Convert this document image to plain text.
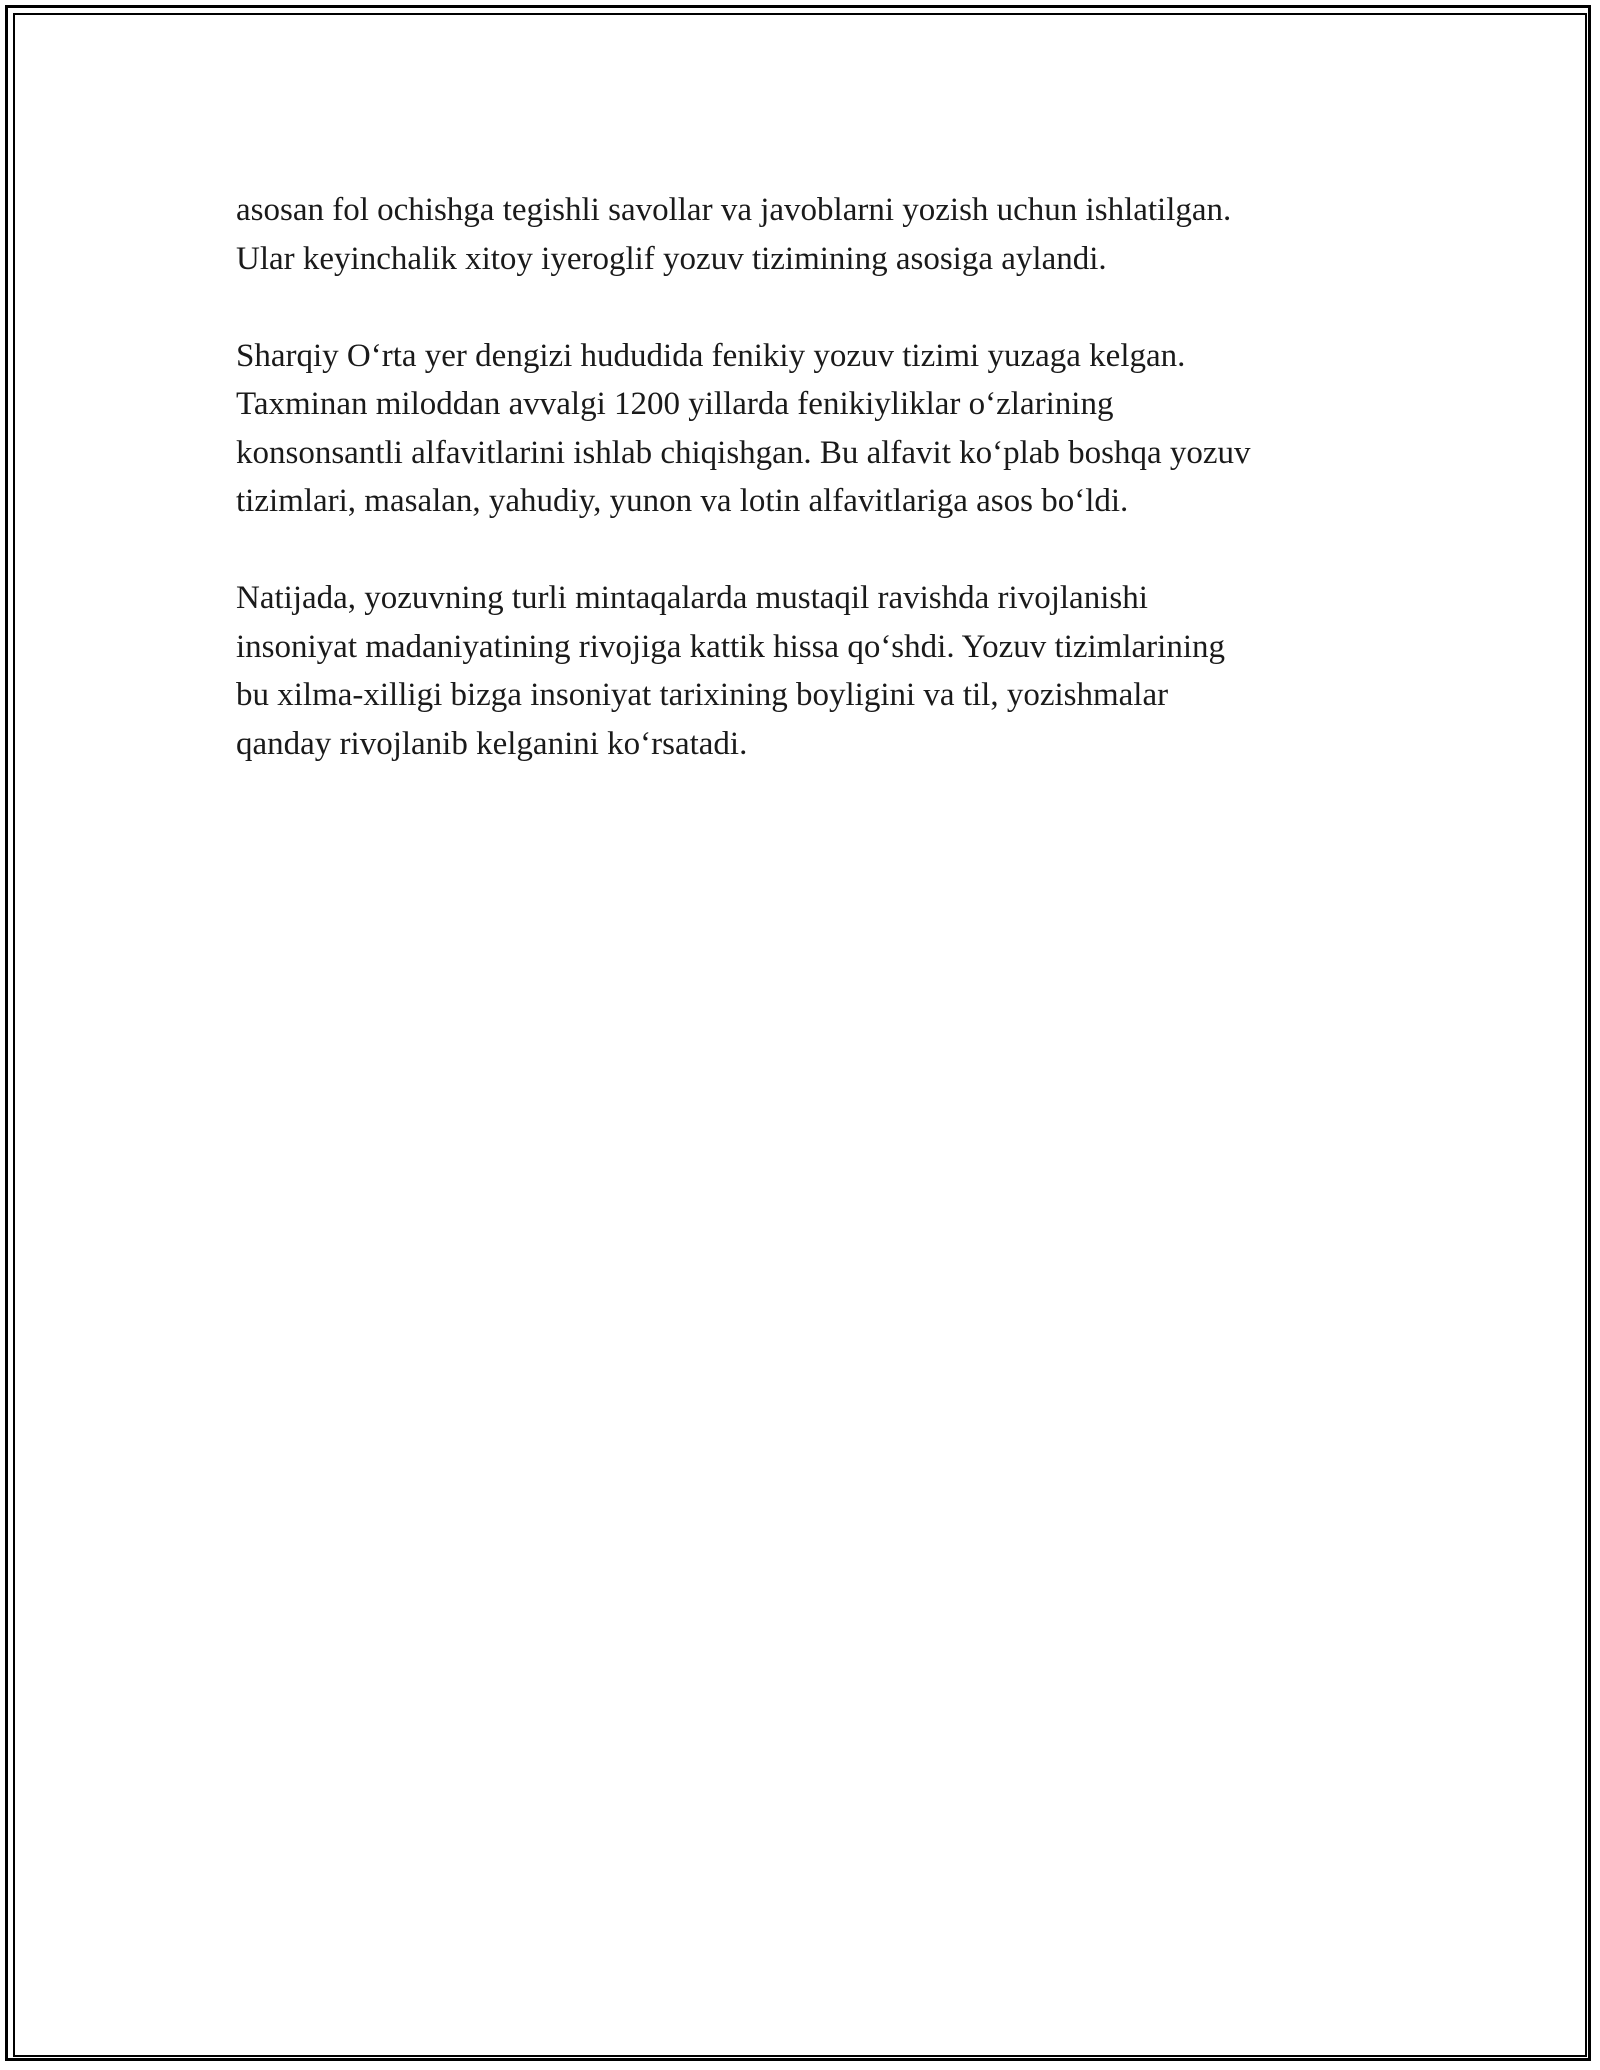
asosan fol ochishga tegishli savollar va javoblarni yozish uchun ishlatilgan.
Ular keyinchalik xitoy iyeroglif yozuv tizimining asosiga aylandi.

Sharqiy O‘rta yer dengizi hududida fenikiy yozuv tizimi yuzaga kelgan.
Taxminan miloddan avvalgi 1200 yillarda fenikiyliklar o‘zlarining
konsonsantli alfavitlarini ishlab chiqishgan. Bu alfavit ko‘plab boshqa yozuv
tizimlari, masalan, yahudiy, yunon va lotin alfavitlariga asos bo‘ldi.

Natijada, yozuvning turli mintaqalarda mustaqil ravishda rivojlanishi
insoniyat madaniyatining rivojiga kattik hissa qo‘shdi. Yozuv tizimlarining
bu xilma-xilligi bizga insoniyat tarixining boyligini va til, yozishmalar
qanday rivojlanib kelganini ko‘rsatadi.
